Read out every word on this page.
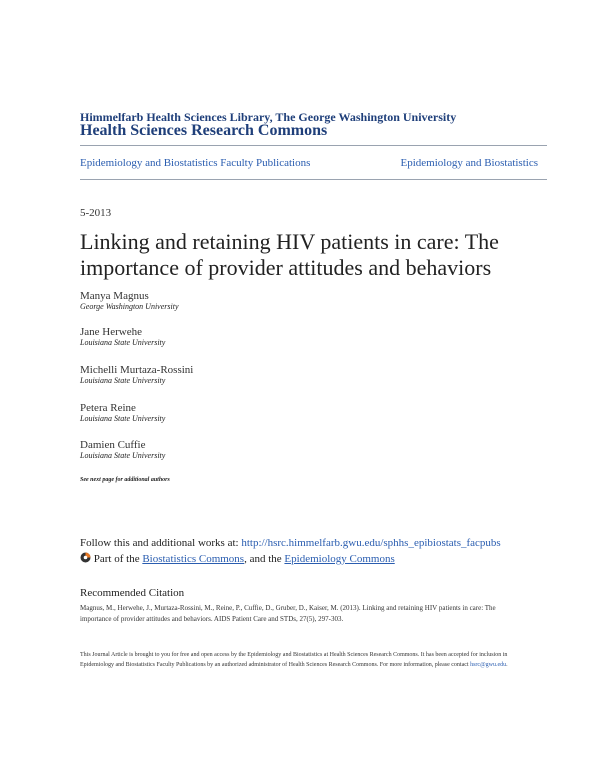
Himmelfarb Health Sciences Library, The George Washington University
Health Sciences Research Commons
Epidemiology and Biostatistics Faculty Publications	Epidemiology and Biostatistics
5-2013
Linking and retaining HIV patients in care: The importance of provider attitudes and behaviors
Manya Magnus
George Washington University
Jane Herwehe
Louisiana State University
Michelli Murtaza-Rossini
Louisiana State University
Petera Reine
Louisiana State University
Damien Cuffie
Louisiana State University
See next page for additional authors
Follow this and additional works at: http://hsrc.himmelfarb.gwu.edu/sphhs_epibiostats_facpubs
Part of the Biostatistics Commons, and the Epidemiology Commons
Recommended Citation
Magnus, M., Herwehe, J., Murtaza-Rossini, M., Reine, P., Cuffie, D., Gruber, D., Kaiser, M. (2013). Linking and retaining HIV patients in care: The importance of provider attitudes and behaviors. AIDS Patient Care and STDs, 27(5), 297-303.
This Journal Article is brought to you for free and open access by the Epidemiology and Biostatistics at Health Sciences Research Commons. It has been accepted for inclusion in Epidemiology and Biostatistics Faculty Publications by an authorized administrator of Health Sciences Research Commons. For more information, please contact hsrc@gwu.edu.
